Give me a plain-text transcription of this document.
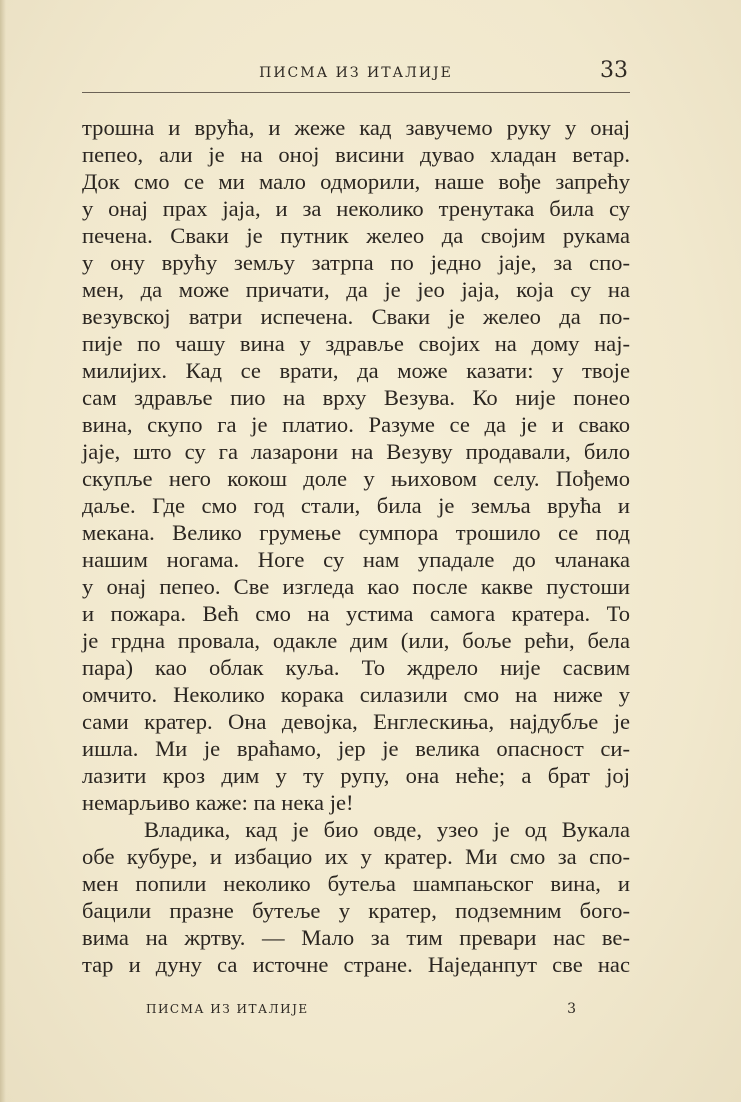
ПИСМА ИЗ ИТАЛИЈЕ	33
трошна и врућа, и жеже кад завучемо руку у онај
пепео, али је на оној висини дувао хладан ветар.
Док смо се ми мало одморили, наше вође запрећу
у онај прах јаја, и за неколико тренутака била су
печена. Сваки је путник желео да својим рукама
у ону врућу земљу затрпа по једно јаје, за спо-
мен, да може причати, да је јео јаја, која су на
везувској ватри испечена. Сваки је желео да по-
пије по чашу вина у здравље својих на дому нај-
милијих. Кад се врати, да може казати: у твоје
сам здравље пио на врху Везува. Ко није понео
вина, скупо га је платио. Разуме се да је и свако
јаје, што су га лазарони на Везуву продавали, било
скупље него кокош доле у њиховом селу. Пођемо
даље. Где смо год стали, била је земља врућа и
мекана. Велико грумење сумпора трошило се под
нашим ногама. Ноге су нам упадале до чланака
у онај пепео. Све изгледа као после какве пустоши
и пожара. Већ смо на устима самога кратера. То
је грдна провала, одакле дим (или, боље рећи, бела
пара) као облак куља. То ждрело није сасвим
омчито. Неколико корака силазили смо на ниже у
сами кратер. Она девојка, Енглескиња, најдубље је
ишла. Ми је враћамо, јер је велика опасност си-
лазити кроз дим у ту рупу, она неће; а брат јој
немарљиво каже: па нека је!
Владика, кад је био овде, узео је од Вукала
обе кубуре, и избацио их у кратер. Ми смо за спо-
мен попили неколико бутеља шампањског вина, и
бацили празне бутеље у кратер, подземним бого-
вима на жртву. — Мало за тим превари нас ве-
тар и дуну са источне стране. Наједанпут све нас
ПИСМА ИЗ ИТАЛИЈЕ	3
